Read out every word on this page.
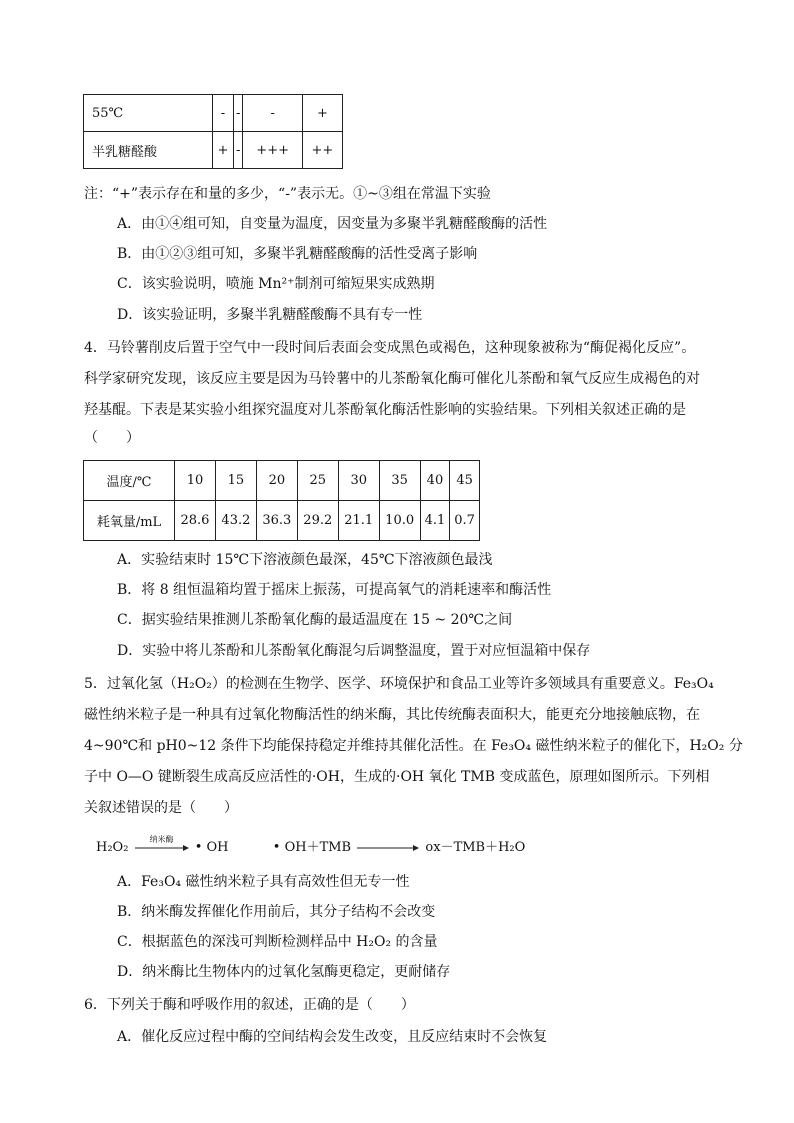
55℃	-	-	-	+
半乳糖醛酸	+	-	+++	++
注：“+”表示存在和量的多少，“-”表示无。①~③组在常温下实验
A．由①④组可知，自变量为温度，因变量为多聚半乳糖醛酸酶的活性
B．由①②③组可知，多聚半乳糖醛酸酶的活性受离子影响
C．该实验说明，喷施 Mn²⁺制剂可缩短果实成熟期
D．该实验证明，多聚半乳糖醛酸酶不具有专一性
4．马铃薯削皮后置于空气中一段时间后表面会变成黑色或褐色，这种现象被称为“酶促褐化反应”。
科学家研究发现，该反应主要是因为马铃薯中的儿茶酚氧化酶可催化儿茶酚和氧气反应生成褐色的对
羟基醌。下表是某实验小组探究温度对儿茶酚氧化酶活性影响的实验结果。下列相关叙述正确的是
（　　）
温度/℃	10	15	20	25	30	35	40	45
耗氧量/mL	28.6	43.2	36.3	29.2	21.1	10.0	4.1	0.7
A．实验结束时 15℃下溶液颜色最深，45℃下溶液颜色最浅
B．将 8 组恒温箱均置于摇床上振荡，可提高氧气的消耗速率和酶活性
C．据实验结果推测儿茶酚氧化酶的最适温度在 15 ~ 20℃之间
D．实验中将儿茶酚和儿茶酚氧化酶混匀后调整温度，置于对应恒温箱中保存
5．过氧化氢（H₂O₂）的检测在生物学、医学、环境保护和食品工业等许多领域具有重要意义。Fe₃O₄
磁性纳米粒子是一种具有过氧化物酶活性的纳米酶，其比传统酶表面积大，能更充分地接触底物，在
4~90℃和 pH0~12 条件下均能保持稳定并维持其催化活性。在 Fe₃O₄ 磁性纳米粒子的催化下，H₂O₂ 分
子中 O—O 键断裂生成高反应活性的·OH，生成的·OH 氧化 TMB 变成蓝色，原理如图所示。下列相
关叙述错误的是（　　）
H₂O₂
纳米酶
• OH	• OH＋TMB	ox－TMB＋H₂O
A．Fe₃O₄ 磁性纳米粒子具有高效性但无专一性
B．纳米酶发挥催化作用前后，其分子结构不会改变
C．根据蓝色的深浅可判断检测样品中 H₂O₂ 的含量
D．纳米酶比生物体内的过氧化氢酶更稳定，更耐储存
6．下列关于酶和呼吸作用的叙述，正确的是（　　）
A．催化反应过程中酶的空间结构会发生改变，且反应结束时不会恢复
